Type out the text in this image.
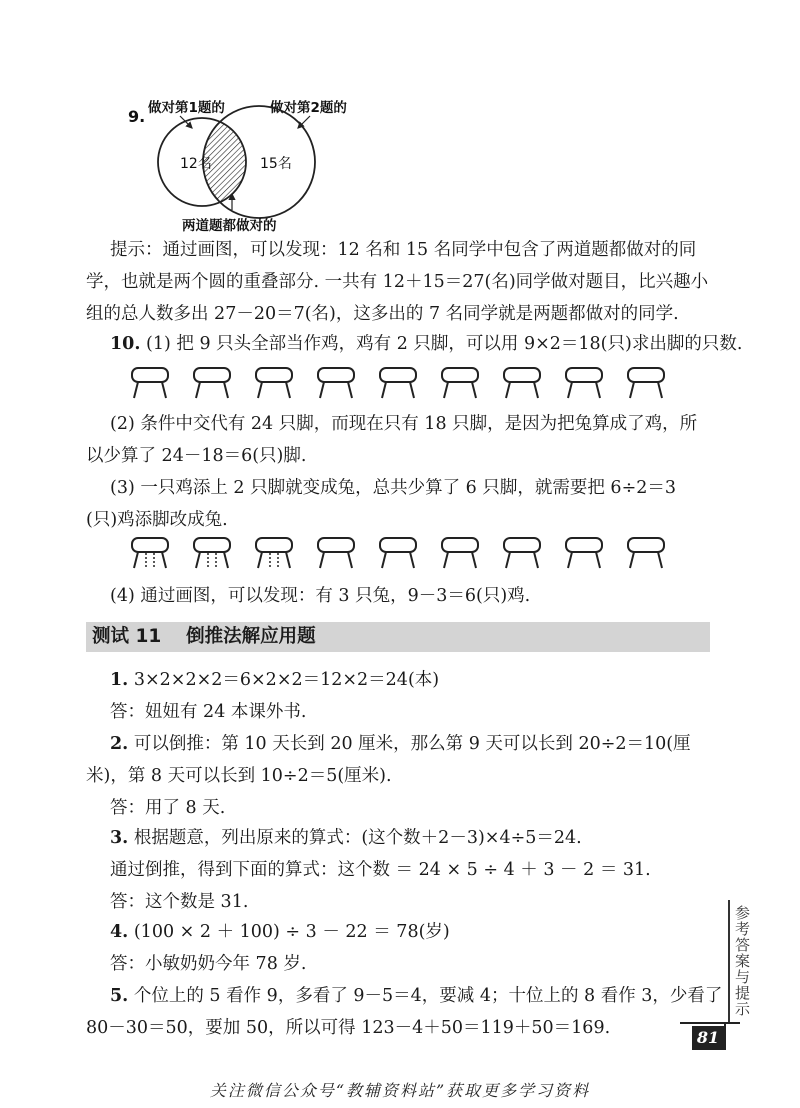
9. 做对第1题的	做对第2题的
12名	15名
两道题都做对的
提示：通过画图，可以发现：12 名和 15 名同学中包含了两道题都做对的同
学，也就是两个圆的重叠部分. 一共有 12＋15＝27(名)同学做对题目，比兴趣小
组的总人数多出 27－20＝7(名)，这多出的 7 名同学就是两题都做对的同学.
10. (1) 把 9 只头全部当作鸡，鸡有 2 只脚，可以用 9×2＝18(只)求出脚的只数.
(2) 条件中交代有 24 只脚，而现在只有 18 只脚，是因为把兔算成了鸡，所
以少算了 24－18＝6(只)脚.
(3) 一只鸡添上 2 只脚就变成兔，总共少算了 6 只脚，就需要把 6÷2＝3
(只)鸡添脚改成兔.
(4) 通过画图，可以发现：有 3 只兔，9－3＝6(只)鸡.
测试 11　 倒推法解应用题
1. 3×2×2×2＝6×2×2＝12×2＝24(本)
答：妞妞有 24 本课外书.
2. 可以倒推：第 10 天长到 20 厘米，那么第 9 天可以长到 20÷2＝10(厘
米)，第 8 天可以长到 10÷2＝5(厘米).
答：用了 8 天.
3. 根据题意，列出原来的算式：(这个数＋2－3)×4÷5＝24.
通过倒推，得到下面的算式：这个数 ＝ 24 × 5 ÷ 4 ＋ 3 － 2 ＝ 31.
答：这个数是 31.
4. (100 × 2 ＋ 100) ÷ 3 － 22 ＝ 78(岁)
答：小敏奶奶今年 78 岁.
5. 个位上的 5 看作 9，多看了 9－5＝4，要减 4；十位上的 8 看作 3，少看了
80－30＝50，要加 50，所以可得 123－4＋50＝119＋50＝169.
参考答案与提示
81
关注微信公众号“教辅资料站”获取更多学习资料
